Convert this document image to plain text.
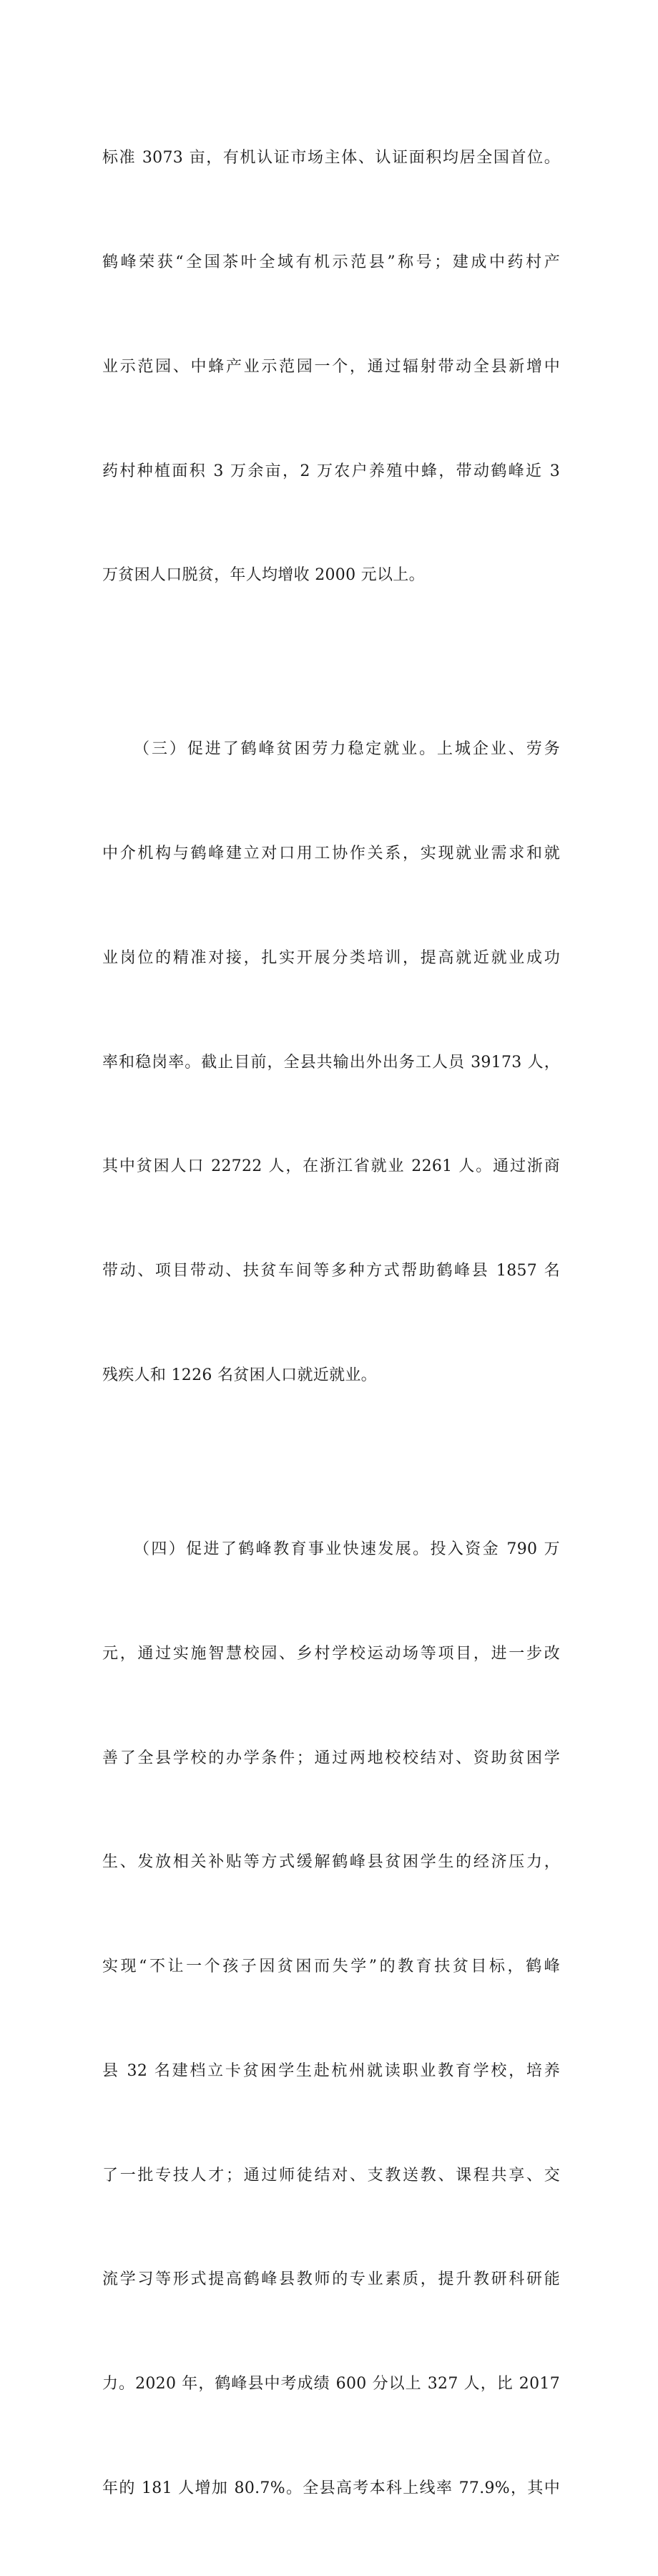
标准 3073 亩，有机认证市场主体、认证面积均居全国首位。

鹤峰荣获“全国茶叶全域有机示范县”称号；建成中药村产

业示范园、中蜂产业示范园一个，通过辐射带动全县新增中

药村种植面积 3 万余亩，2 万农户养殖中蜂，带动鹤峰近 3

万贫困人口脱贫，年人均增收 2000 元以上。

（三）促进了鹤峰贫困劳力稳定就业。上城企业、劳务

中介机构与鹤峰建立对口用工协作关系，实现就业需求和就

业岗位的精准对接，扎实开展分类培训，提高就近就业成功

率和稳岗率。截止目前，全县共输出外出务工人员 39173 人，

其中贫困人口 22722 人，在浙江省就业 2261 人。通过浙商

带动、项目带动、扶贫车间等多种方式帮助鹤峰县 1857 名

残疾人和 1226 名贫困人口就近就业。

（四）促进了鹤峰教育事业快速发展。投入资金 790 万

元，通过实施智慧校园、乡村学校运动场等项目，进一步改

善了全县学校的办学条件；通过两地校校结对、资助贫困学

生、发放相关补贴等方式缓解鹤峰县贫困学生的经济压力，

实现“不让一个孩子因贫困而失学”的教育扶贫目标，鹤峰

县 32 名建档立卡贫困学生赴杭州就读职业教育学校，培养

了一批专技人才；通过师徒结对、支教送教、课程共享、交

流学习等形式提高鹤峰县教师的专业素质，提升教研科研能

力。2020 年，鹤峰县中考成绩 600 分以上 327 人，比 2017

年的 181 人增加 80.7%。全县高考本科上线率 77.9%，其中
